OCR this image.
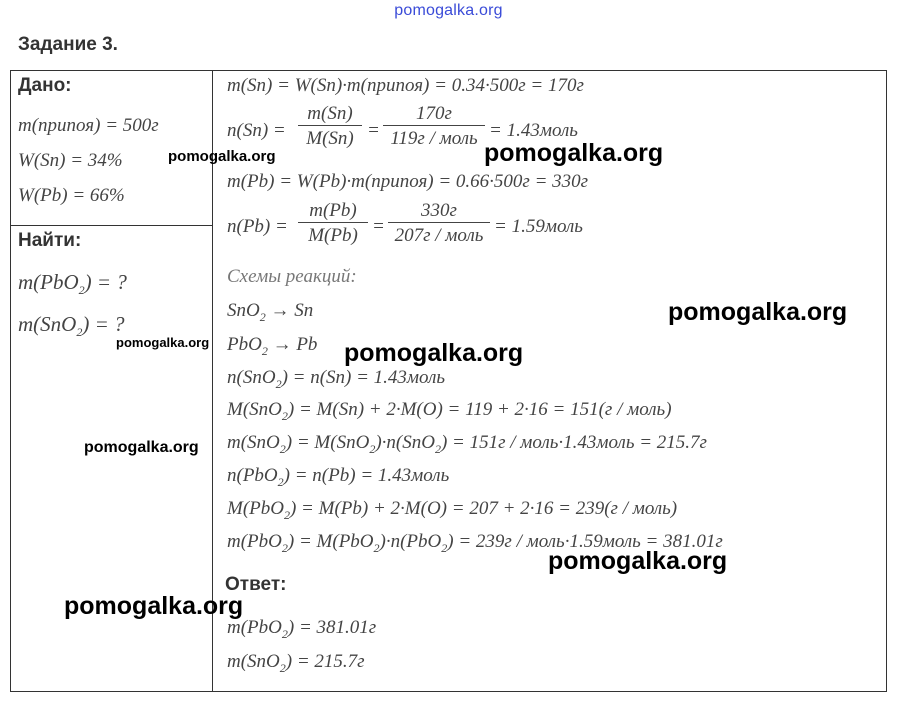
pomogalka.org
Задание 3.
Дано:
m(припоя) = 500г
W(Sn) = 34%
W(Pb) = 66%
Найти:
m(PbO$_2$) = ?
m(SnO$_2$) = ?
m(Sn) = W(Sn)·m(припоя) = 0.34·500г = 170г
n(Sn) =
m(Sn)
M(Sn) =
170г
119г / моль = 1.43моль
m(Pb) = W(Pb)·m(припоя) = 0.66·500г = 330г
n(Pb) =
m(Pb)
M(Pb) =
330г
207г / моль = 1.59моль
Схемы реакций:
SnO$_2$ → Sn
PbO$_2$ → Pb
n(SnO$_2$) = n(Sn) = 1.43моль
M(SnO$_2$) = M(Sn) + 2·M(O) = 119 + 2·16 = 151(г / моль)
m(SnO$_2$) = M(SnO$_2$)·n(SnO$_2$) = 151г / моль·1.43моль = 215.7г
n(PbO$_2$) = n(Pb) = 1.43моль
M(PbO$_2$) = M(Pb) + 2·M(O) = 207 + 2·16 = 239(г / моль)
m(PbO$_2$) = M(PbO$_2$)·n(PbO$_2$) = 239г / моль·1.59моль = 381.01г
Ответ:
m(PbO$_2$) = 381.01г
m(SnO$_2$) = 215.7г
pomogalka.org	pomogalka.org
pomogalka.org
pomogalka.org	pomogalka.org
pomogalka.org
pomogalka.org
pomogalka.org
